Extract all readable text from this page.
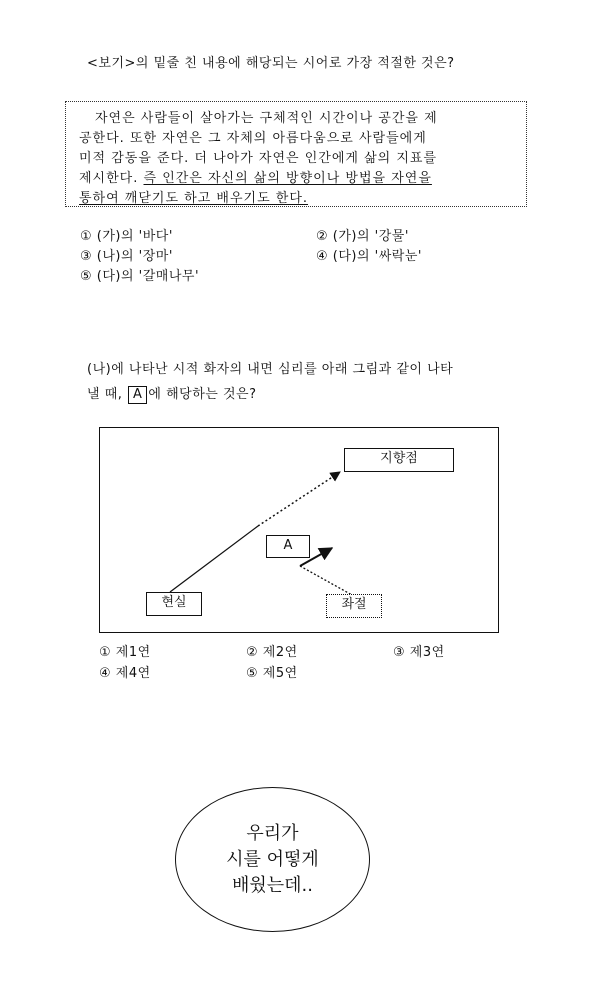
<보기>의 밑줄 친 내용에 해당되는 시어로 가장 적절한 것은?
자연은 사람들이 살아가는 구체적인 시간이나 공간을 제
공한다. 또한 자연은 그 자체의 아름다움으로 사람들에게
미적 감동을 준다. 더 나아가 자연은 인간에게 삶의 지표를
제시한다. 즉 인간은 자신의 삶의 방향이나 방법을 자연을
통하여 깨닫기도 하고 배우기도 한다.
① (가)의 '바다'	② (가)의 '강물'
③ (나)의 '장마'	④ (다)의 '싸락눈'
⑤ (다)의 '갈매나무'
(나)에 나타난 시적 화자의 내면 심리를 아래 그림과 같이 나타
낼 때, A 에 해당하는 것은?
지향점
A
현실	좌절
① 제1연	② 제2연	③ 제3연
④ 제4연	⑤ 제5연
우리가
시를 어떻게
배웠는데..
